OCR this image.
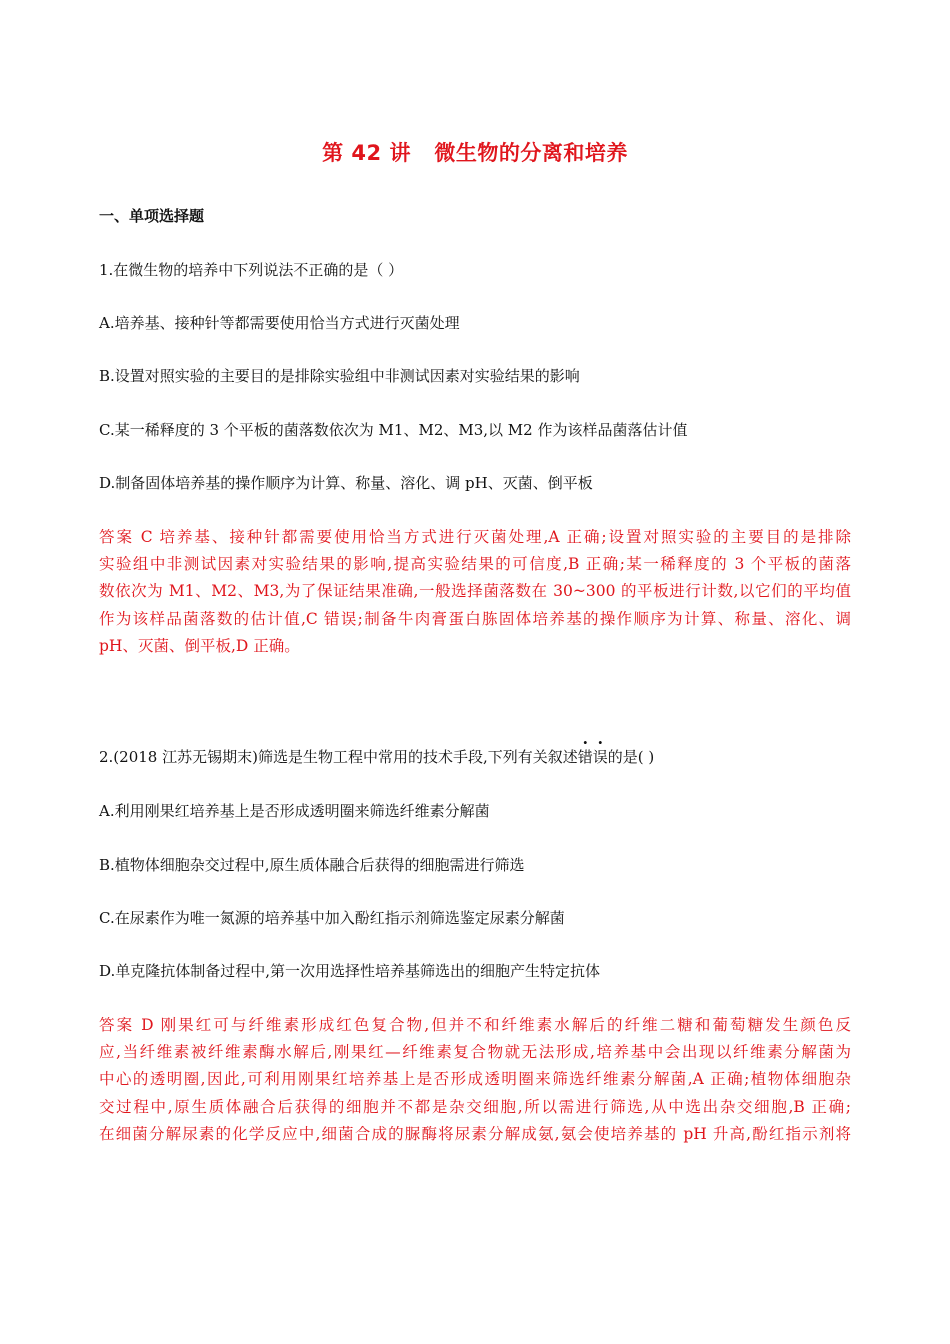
第 42 讲   微生物的分离和培养
一、单项选择题
1.在微生物的培养中下列说法不正确的是（ ）
A.培养基、接种针等都需要使用恰当方式进行灭菌处理
B.设置对照实验的主要目的是排除实验组中非测试因素对实验结果的影响
C.某一稀释度的 3 个平板的菌落数依次为 M1、M2、M3,以 M2 作为该样品菌落估计值
D.制备固体培养基的操作顺序为计算、称量、溶化、调 pH、灭菌、倒平板
答案 C 培养基、接种针都需要使用恰当方式进行灭菌处理,A 正确;设置对照实验的主要目的是排除
实验组中非测试因素对实验结果的影响,提高实验结果的可信度,B 正确;某一稀释度的 3 个平板的菌落
数依次为 M1、M2、M3,为了保证结果准确,一般选择菌落数在 30~300 的平板进行计数,以它们的平均值
作为该样品菌落数的估计值,C 错误;制备牛肉膏蛋白胨固体培养基的操作顺序为计算、称量、溶化、调
pH、灭菌、倒平板,D 正确。
2.(2018 江苏无锡期末)筛选是生物工程中常用的技术手段,下列有关叙述错误的是( )
A.利用刚果红培养基上是否形成透明圈来筛选纤维素分解菌
B.植物体细胞杂交过程中,原生质体融合后获得的细胞需进行筛选
C.在尿素作为唯一氮源的培养基中加入酚红指示剂筛选鉴定尿素分解菌
D.单克隆抗体制备过程中,第一次用选择性培养基筛选出的细胞产生特定抗体
答案 D 刚果红可与纤维素形成红色复合物,但并不和纤维素水解后的纤维二糖和葡萄糖发生颜色反
应,当纤维素被纤维素酶水解后,刚果红—纤维素复合物就无法形成,培养基中会出现以纤维素分解菌为
中心的透明圈,因此,可利用刚果红培养基上是否形成透明圈来筛选纤维素分解菌,A 正确;植物体细胞杂
交过程中,原生质体融合后获得的细胞并不都是杂交细胞,所以需进行筛选,从中选出杂交细胞,B 正确;
在细菌分解尿素的化学反应中,细菌合成的脲酶将尿素分解成氨,氨会使培养基的 pH 升高,酚红指示剂将
